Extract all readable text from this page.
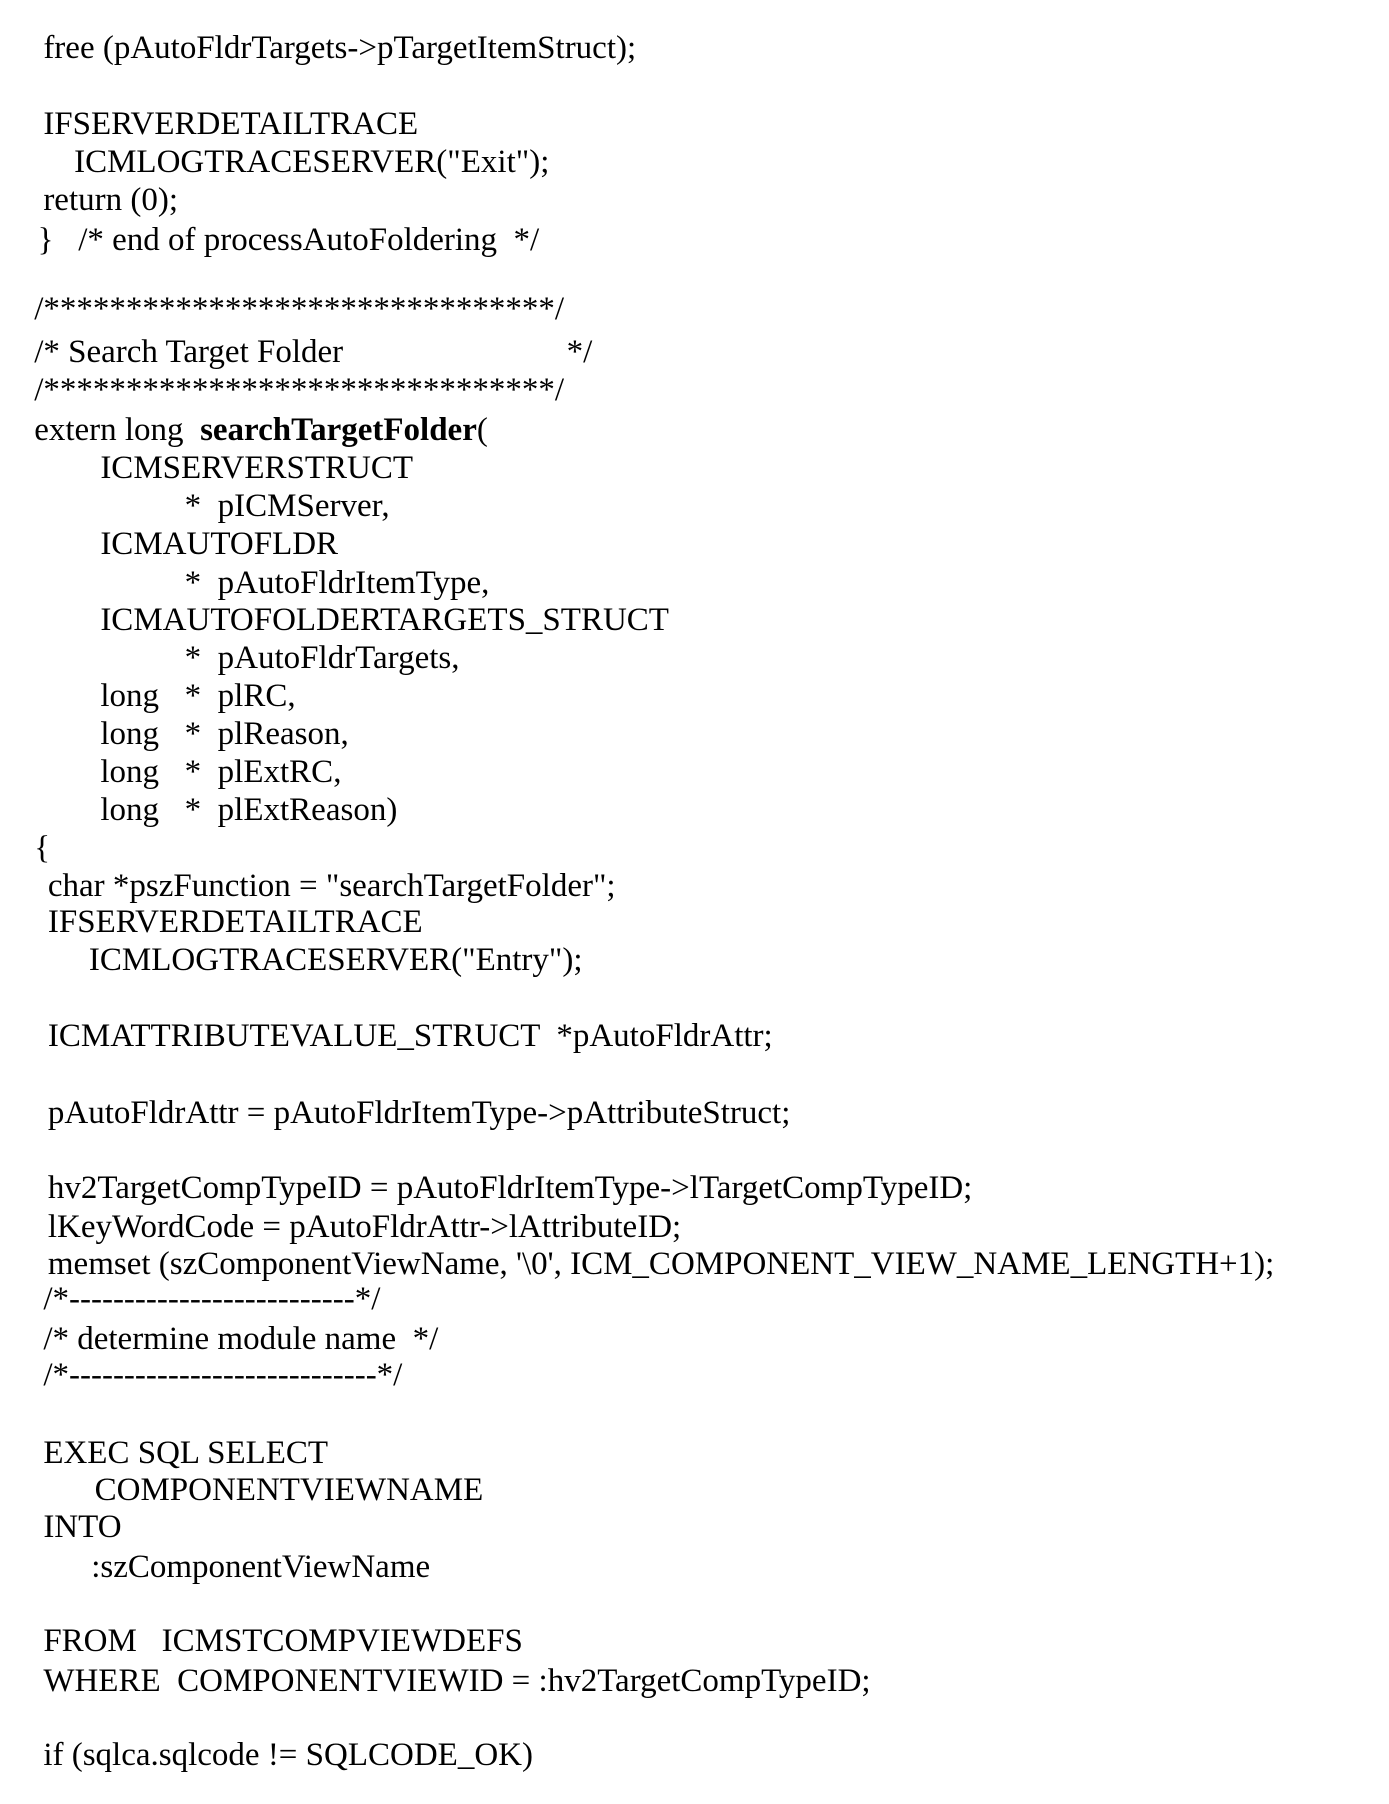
free (pAutoFldrTargets->pTargetItemStruct);
IFSERVERDETAILTRACE
ICMLOGTRACESERVER("Exit");
return (0);
}   /* end of processAutoFoldering  */
/*******************************/
/* Search Target Folder	*/
/*******************************/
extern long  searchTargetFolder(
ICMSERVERSTRUCT
*  pICMServer,
ICMAUTOFLDR
*  pAutoFldrItemType,
ICMAUTOFOLDERTARGETS_STRUCT
*  pAutoFldrTargets,
long *  plRC,
long *  plReason,
long *  plExtRC,
long *  plExtReason)
{
char *pszFunction = "searchTargetFolder";
IFSERVERDETAILTRACE
ICMLOGTRACESERVER("Entry");
ICMATTRIBUTEVALUE_STRUCT  *pAutoFldrAttr;
pAutoFldrAttr = pAutoFldrItemType->pAttributeStruct;
hv2TargetCompTypeID = pAutoFldrItemType->lTargetCompTypeID;
lKeyWordCode = pAutoFldrAttr->lAttributeID;
memset (szComponentViewName, '\0', ICM_COMPONENT_VIEW_NAME_LENGTH+1);
/*--------------------------*/
/* determine module name  */
/*----------------------------*/
EXEC SQL SELECT
COMPONENTVIEWNAME
INTO
:szComponentViewName
FROM   ICMSTCOMPVIEWDEFS
WHERE  COMPONENTVIEWID = :hv2TargetCompTypeID;
if (sqlca.sqlcode != SQLCODE_OK)
